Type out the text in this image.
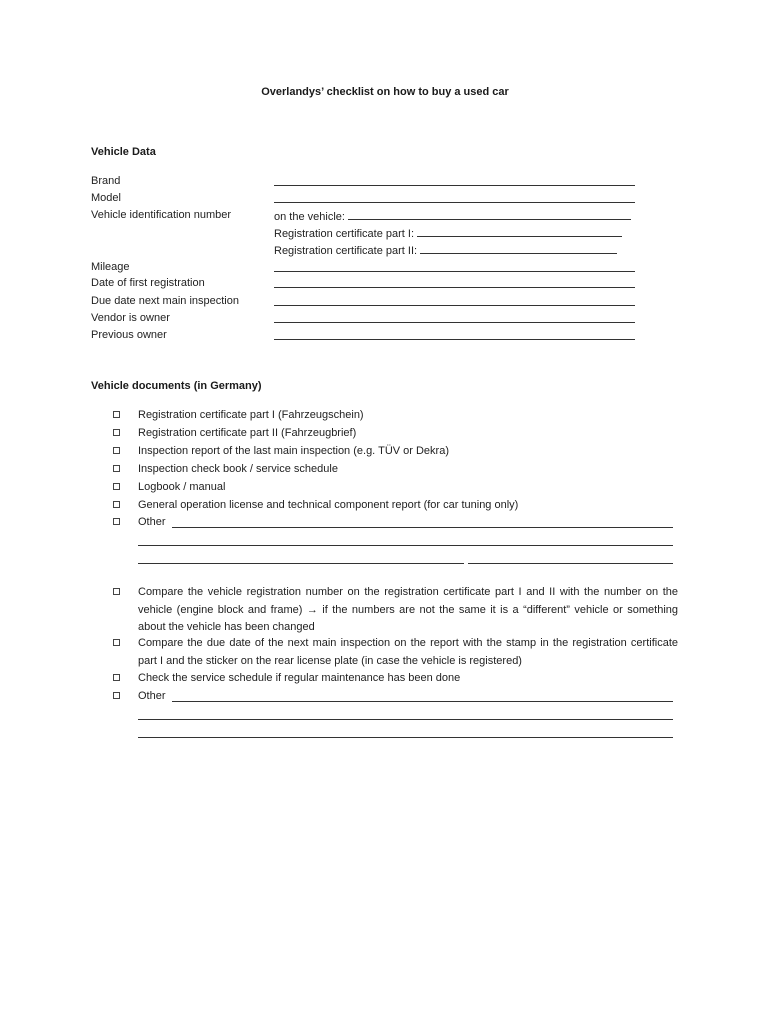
Overlandys’ checklist on how to buy a used car
Vehicle Data
Brand
Model
Vehicle identification number	on the vehicle:
Registration certificate part I:
Registration certificate part II:
Mileage
Date of first registration
Due date next main inspection
Vendor is owner
Previous owner
Vehicle documents (in Germany)
Registration certificate part I (Fahrzeugschein)
Registration certificate part II (Fahrzeugbrief)
Inspection report of the last main inspection (e.g. TÜV or Dekra)
Inspection check book / service schedule
Logbook / manual
General operation license and technical component report (for car tuning only)
Other
Compare the vehicle registration number on the registration certificate part I and II with the number on the vehicle (engine block and frame) → if the numbers are not the same it is a “different” vehicle or something about the vehicle has been changed
Compare the due date of the next main inspection on the report with the stamp in the registration certificate part I and the sticker on the rear license plate (in case the vehicle is registered)
Check the service schedule if regular maintenance has been done
Other
